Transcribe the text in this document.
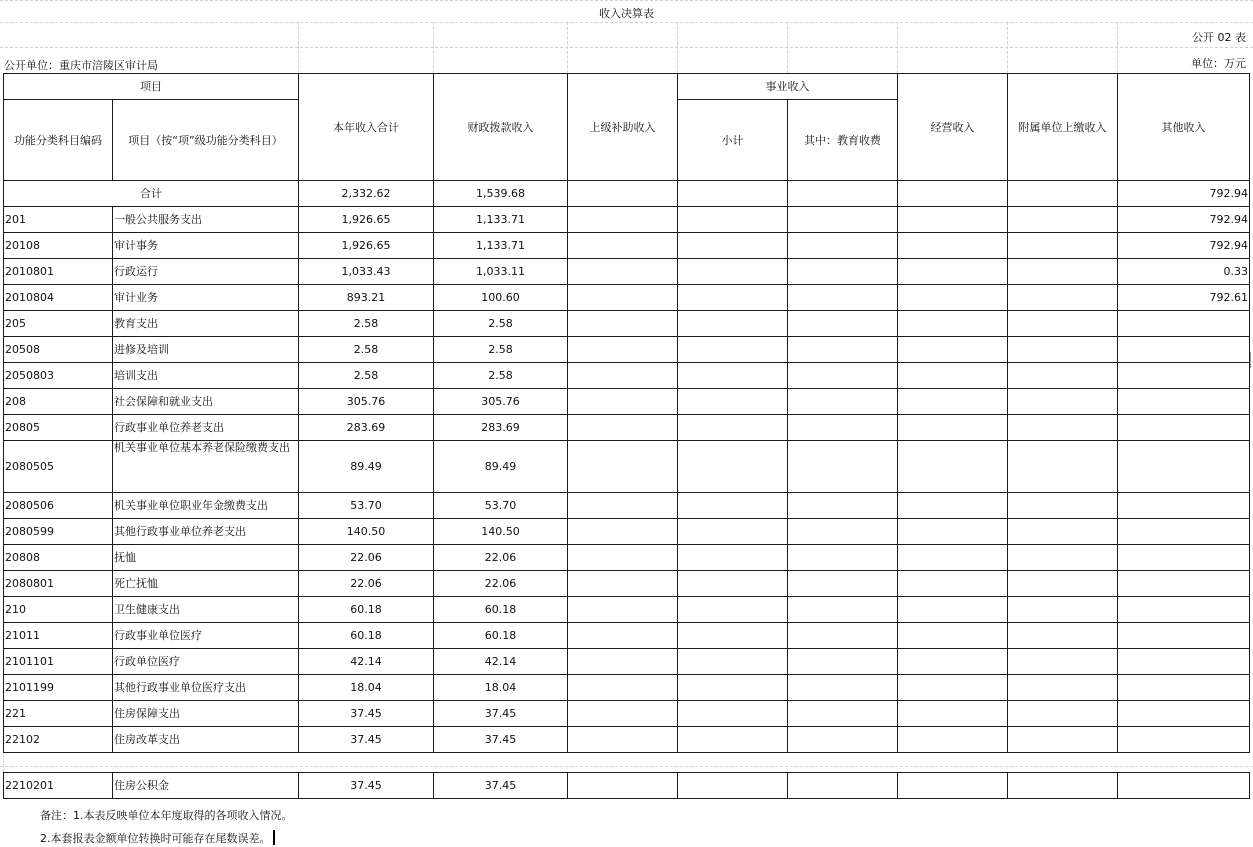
收入决算表
公开 02 表
公开单位：重庆市涪陵区审计局	单位：万元
项目		本年收入合计	财政拨款收入	上级补助收入	事业收入		经营收入	附属单位上缴收入	其他收入
功能分类科目编码	项目（按“项”级功能分类科目）				小计	其中：教育收费			
合计		2,332.62	1,539.68						792.94
201	一般公共服务支出	1,926.65	1,133.71						792.94
20108	审计事务	1,926.65	1,133.71						792.94
2010801	行政运行	1,033.43	1,033.11						0.33
2010804	审计业务	893.21	100.60						792.61
205	教育支出	2.58	2.58						
20508	进修及培训	2.58	2.58						
2050803	培训支出	2.58	2.58						
208	社会保障和就业支出	305.76	305.76						
20805	行政事业单位养老支出	283.69	283.69						
2080505	机关事业单位基本养老保险缴费支出	89.49	89.49						
2080506	机关事业单位职业年金缴费支出	53.70	53.70						
2080599	其他行政事业单位养老支出	140.50	140.50						
20808	抚恤	22.06	22.06						
2080801	死亡抚恤	22.06	22.06						
210	卫生健康支出	60.18	60.18						
21011	行政事业单位医疗	60.18	60.18						
2101101	行政单位医疗	42.14	42.14						
2101199	其他行政事业单位医疗支出	18.04	18.04						
221	住房保障支出	37.45	37.45						
22102	住房改革支出	37.45	37.45						
2210201	住房公积金	37.45	37.45						
备注：1.本表反映单位本年度取得的各项收入情况。
2.本套报表金额单位转换时可能存在尾数误差。
